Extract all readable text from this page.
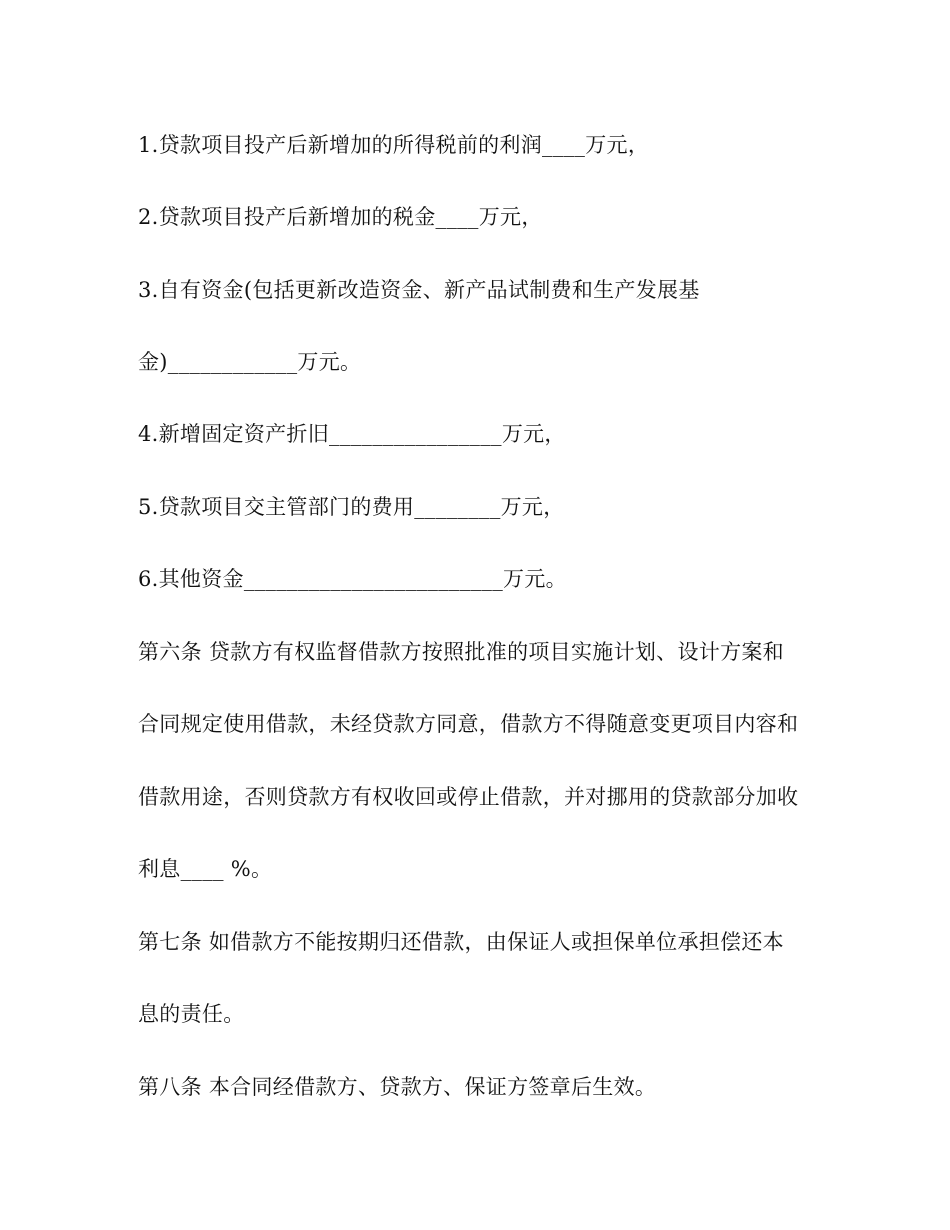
1.贷款项目投产后新增加的所得税前的利润____万元，
2.贷款项目投产后新增加的税金____万元，
3.自有资金(包括更新改造资金、新产品试制费和生产发展基
金)____________万元。
4.新增固定资产折旧________________万元，
5.贷款项目交主管部门的费用________万元，
6.其他资金________________________万元。
第六条 贷款方有权监督借款方按照批准的项目实施计划、设计方案和
合同规定使用借款，未经贷款方同意，借款方不得随意变更项目内容和
借款用途，否则贷款方有权收回或停止借款，并对挪用的贷款部分加收
利息____ %。
第七条 如借款方不能按期归还借款，由保证人或担保单位承担偿还本
息的责任。
第八条 本合同经借款方、贷款方、保证方签章后生效。
